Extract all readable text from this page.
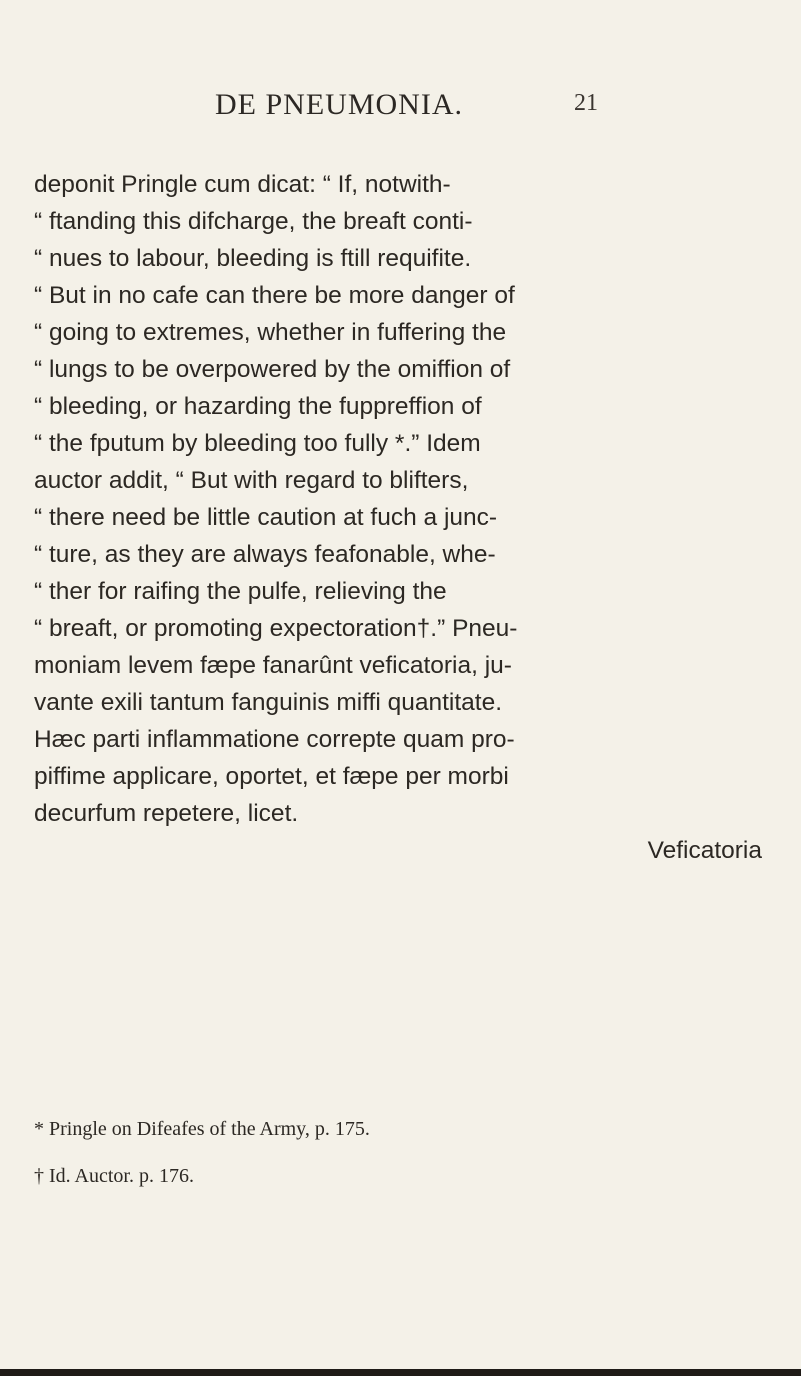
DE PNEUMONIA.	21
deponit Pringle cum dicat: “ If, notwith-
“ ftanding this difcharge, the breaft conti-
“ nues to labour, bleeding is ftill requifite.
“ But in no cafe can there be more danger of
“ going to extremes, whether in fuffering the
“ lungs to be overpowered by the omiffion of
“ bleeding, or hazarding the fuppreffion of
“ the fputum by bleeding too fully *.” Idem
auctor addit, “ But with regard to blifters,
“ there need be little caution at fuch a junc-
“ ture, as they are always feafonable, whe-
“ ther for raifing the pulfe, relieving the
“ breaft, or promoting expectoration†.” Pneu-
moniam levem fæpe fanarûnt veficatoria, ju-
vante exili tantum fanguinis miffi quantitate.
Hæc parti inflammatione correpte quam pro-
piffime applicare, oportet, et fæpe per morbi
decurfum repetere, licet.
Veficatoria
* Pringle on Difeafes of the Army, p. 175.
† Id. Auctor. p. 176.
